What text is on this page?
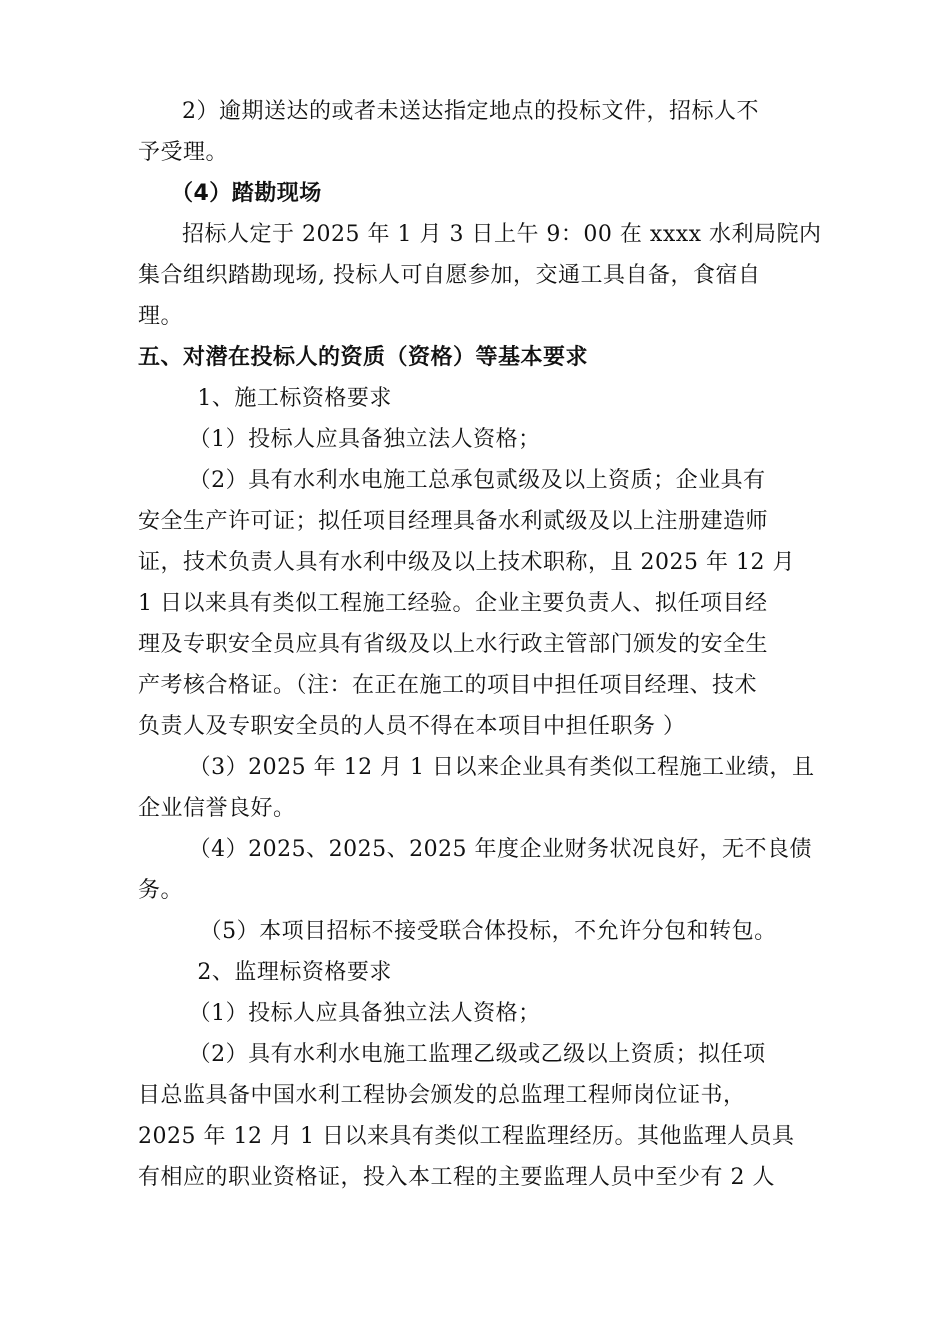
2）逾期送达的或者未送达指定地点的投标文件，招标人不
予受理。
（4）踏勘现场
招标人定于 2025 年 1 月 3 日上午 9：00 在 xxxx 水利局院内
集合组织踏勘现场, 投标人可自愿参加，交通工具自备，食宿自
理。
五、对潜在投标人的资质（资格）等基本要求
1、施工标资格要求
（1）投标人应具备独立法人资格；
（2）具有水利水电施工总承包贰级及以上资质；企业具有
安全生产许可证；拟任项目经理具备水利贰级及以上注册建造师
证，技术负责人具有水利中级及以上技术职称，且 2025 年 12 月
1 日以来具有类似工程施工经验。企业主要负责人、拟任项目经
理及专职安全员应具有省级及以上水行政主管部门颁发的安全生
产考核合格证。（注：在正在施工的项目中担任项目经理、技术
负责人及专职安全员的人员不得在本项目中担任职务 ）
（3）2025 年 12 月 1 日以来企业具有类似工程施工业绩，且
企业信誉良好。
（4）2025、2025、2025 年度企业财务状况良好，无不良债
务。
（5）本项目招标不接受联合体投标，不允许分包和转包。
2、监理标资格要求
（1）投标人应具备独立法人资格；
（2）具有水利水电施工监理乙级或乙级以上资质；拟任项
目总监具备中国水利工程协会颁发的总监理工程师岗位证书，
2025 年 12 月 1 日以来具有类似工程监理经历。其他监理人员具
有相应的职业资格证，投入本工程的主要监理人员中至少有 2 人
